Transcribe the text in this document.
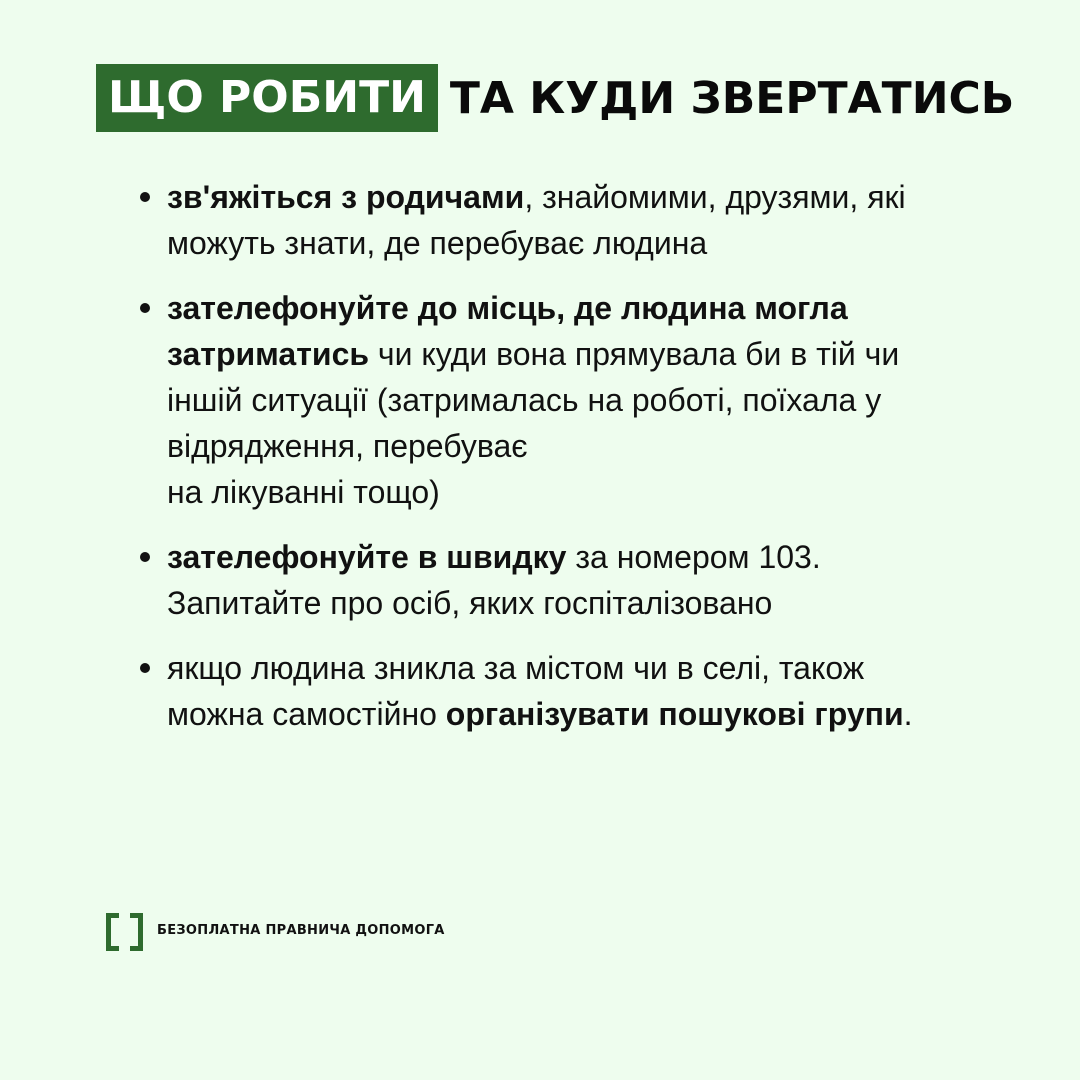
ЩО РОБИТИ ТА КУДИ ЗВЕРТАТИСЬ
зв'яжіться з родичами, знайомими, друзями, які можуть знати, де перебуває людина
зателефонуйте до місць, де людина могла затриматись чи куди вона прямувала би в тій чи іншій ситуації (затрималась на роботі, поїхала у відрядження, перебуває
на лікуванні тощо)
зателефонуйте в швидку за номером 103. Запитайте про осіб, яких госпіталізовано
якщо людина зникла за містом чи в селі, також можна самостійно організувати пошукові групи.
БЕЗОПЛАТНА ПРАВНИЧА ДОПОМОГА
